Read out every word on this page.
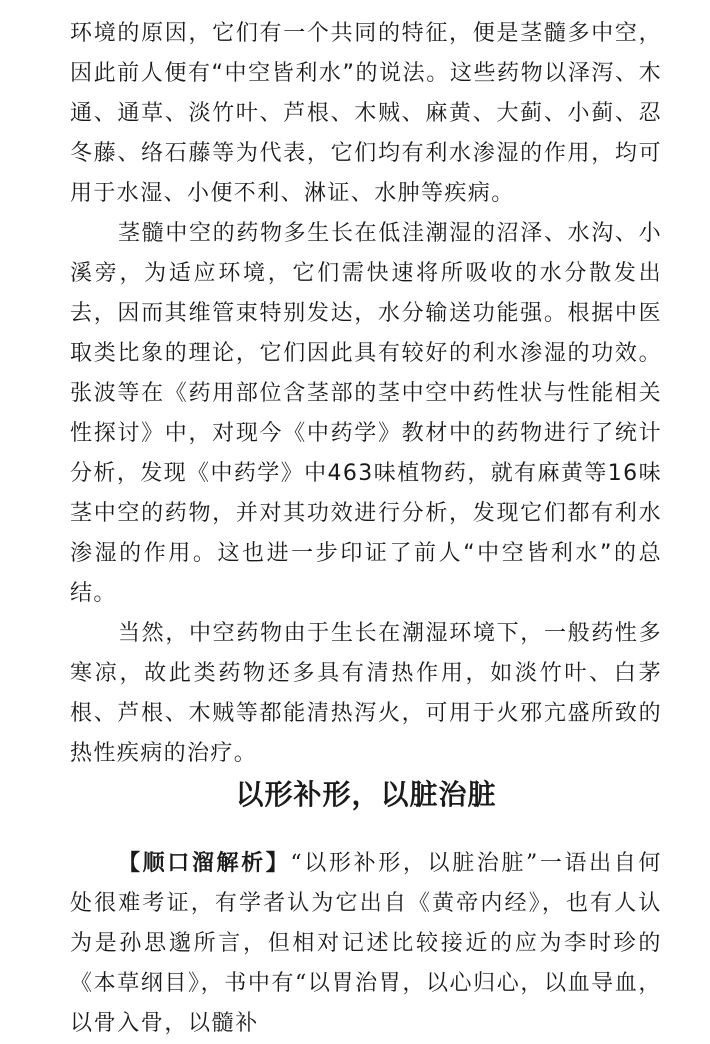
环境的原因，它们有一个共同的特征，便是茎髓多中空，因此前人便有“中空皆利水”的说法。这些药物以泽泻、木通、通草、淡竹叶、芦根、木贼、麻黄、大蓟、小蓟、忍冬藤、络石藤等为代表，它们均有利水渗湿的作用，均可用于水湿、小便不利、淋证、水肿等疾病。

茎髓中空的药物多生长在低洼潮湿的沼泽、水沟、小溪旁，为适应环境，它们需快速将所吸收的水分散发出去，因而其维管束特别发达，水分输送功能强。根据中医取类比象的理论，它们因此具有较好的利水渗湿的功效。张波等在《药用部位含茎部的茎中空中药性状与性能相关性探讨》中，对现今《中药学》教材中的药物进行了统计分析，发现《中药学》中463味植物药，就有麻黄等16味茎中空的药物，并对其功效进行分析，发现它们都有利水渗湿的作用。这也进一步印证了前人“中空皆利水”的总结。

当然，中空药物由于生长在潮湿环境下，一般药性多寒凉，故此类药物还多具有清热作用，如淡竹叶、白茅根、芦根、木贼等都能清热泻火，可用于火邪亢盛所致的热性疾病的治疗。

以形补形，以脏治脏

【顺口溜解析】“以形补形，以脏治脏”一语出自何处很难考证，有学者认为它出自《黄帝内经》，也有人认为是孙思邈所言，但相对记述比较接近的应为李时珍的《本草纲目》，书中有“以胃治胃，以心归心，以血导血，以骨入骨，以髓补
